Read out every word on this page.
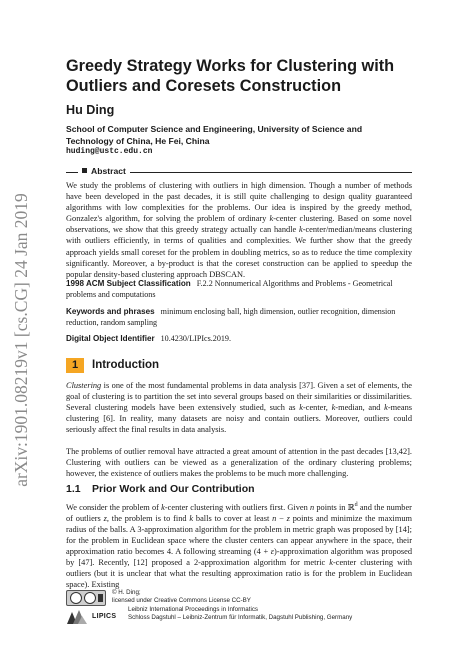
arXiv:1901.08219v1 [cs.CG] 24 Jan 2019
Greedy Strategy Works for Clustering with Outliers and Coresets Construction
Hu Ding
School of Computer Science and Engineering, University of Science and Technology of China, He Fei, China
huding@ustc.edu.cn
Abstract
We study the problems of clustering with outliers in high dimension. Though a number of methods have been developed in the past decades, it is still quite challenging to design quality guaranteed algorithms with low complexities for the problems. Our idea is inspired by the greedy method, Gonzalez's algorithm, for solving the problem of ordinary k-center clustering. Based on some novel observations, we show that this greedy strategy actually can handle k-center/median/means clustering with outliers efficiently, in terms of qualities and complexities. We further show that the greedy approach yields small coreset for the problem in doubling metrics, so as to reduce the time complexity significantly. Moreover, a by-product is that the coreset construction can be applied to speedup the popular density-based clustering approach DBSCAN.
1998 ACM Subject Classification F.2.2 Nonnumerical Algorithms and Problems - Geometrical problems and computations
Keywords and phrases minimum enclosing ball, high dimension, outlier recognition, dimension reduction, random sampling
Digital Object Identifier 10.4230/LIPIcs.2019.
1	Introduction
Clustering is one of the most fundamental problems in data analysis [37]. Given a set of elements, the goal of clustering is to partition the set into several groups based on their similarities or dissimilarities. Several clustering models have been extensively studied, such as k-center, k-median, and k-means clustering [6]. In reality, many datasets are noisy and contain outliers. Moreover, outliers could seriously affect the final results in data analysis.
The problems of outlier removal have attracted a great amount of attention in the past decades [13,42]. Clustering with outliers can be viewed as a generalization of the ordinary clustering problems; however, the existence of outliers makes the problems to be much more challenging.
1.1 Prior Work and Our Contribution
We consider the problem of k-center clustering with outliers first. Given n points in ℝ$^d$ and the number of outliers z, the problem is to find k balls to cover at least n − z points and minimize the maximum radius of the balls. A 3-approximation algorithm for the problem in metric graph was proposed by [14]; for the problem in Euclidean space where the cluster centers can appear anywhere in the space, their approximation ratio becomes 4. A following streaming (4 + ε)-approximation algorithm was proposed by [47]. Recently, [12] proposed a 2-approximation algorithm for metric k-center clustering with outliers (but it is unclear that what the resulting approximation ratio is for the problem in Euclidean space). Existing
LIPICS
© H. Ding;
licensed under Creative Commons License CC-BY
Leibniz International Proceedings in Informatics
Schloss Dagstuhl – Leibniz-Zentrum für Informatik, Dagstuhl Publishing, Germany
